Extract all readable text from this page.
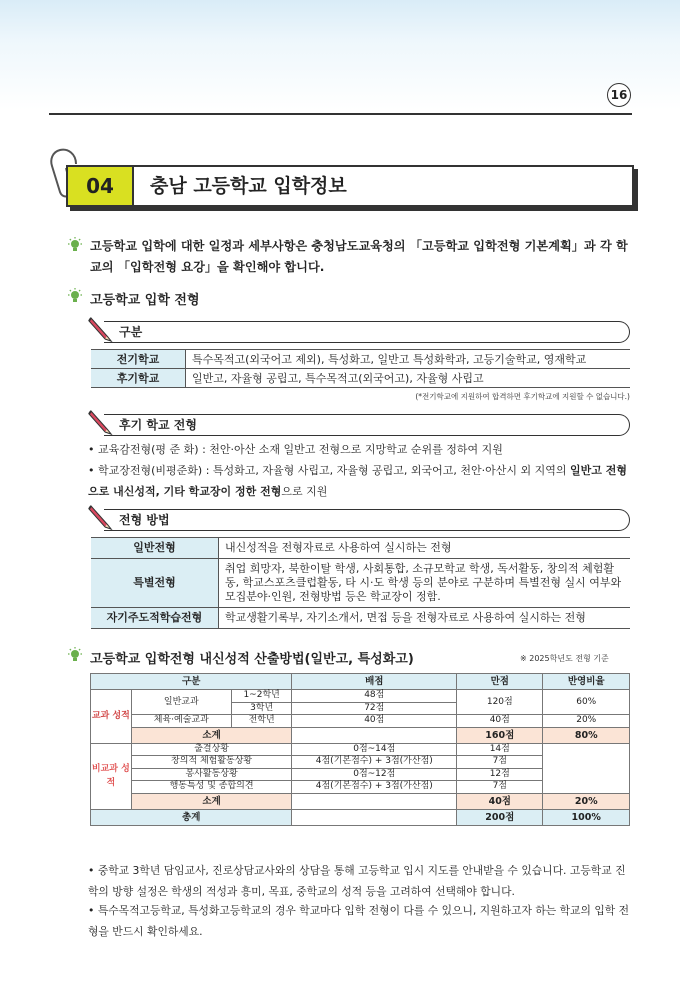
16
04	충남 고등학교 입학정보
고등학교 입학에 대한 일정과 세부사항은 충청남도교육청의 「고등학교 입학전형 기본계획」과 각 학교의 「입학전형 요강」을 확인해야 합니다.
고등학교 입학 전형
구분
전기학교	특수목적고(외국어고 제외), 특성화고, 일반고 특성화학과, 고등기술학교, 영재학교
후기학교	일반고, 자율형 공립고, 특수목적고(외국어고), 자율형 사립고
(*전기학교에 지원하여 합격하면 후기학교에 지원할 수 없습니다.)
후기 학교 전형
• 교육감전형(평 준 화) : 천안·아산 소재 일반고 전형으로 지망학교 순위를 정하여 지원
• 학교장전형(비평준화) : 특성화고, 자율형 사립고, 자율형 공립고, 외국어고, 천안·아산시 외 지역의 일반고 전형으로 내신성적, 기타 학교장이 정한 전형으로 지원
전형 방법
일반전형	내신성적을 전형자료로 사용하여 실시하는 전형
특별전형	취업 희망자, 북한이탈 학생, 사회통합, 소규모학교 학생, 독서활동, 창의적 체험활동, 학교스포츠클럽활동, 타 시·도 학생 등의 분야로 구분하며 특별전형 실시 여부와 모집분야·인원, 전형방법 등은 학교장이 정함.
자기주도적학습전형	학교생활기록부, 자기소개서, 면접 등을 전형자료로 사용하여 실시하는 전형
고등학교 입학전형 내신성적 산출방법(일반고, 특성화고)	※ 2025학년도 전형 기준
구분			배점	만점	반영비율
교과 성적	일반교과	1~2학년	48점	120점	60%
		3학년	72점		
	체육·예술교과	전학년	40점	40점	20%
	소계			160점	80%
비교과 성적	출결상황		0점~14점	14점	
	창의적 체험활동상황		4점(기본점수) + 3점(가산점)	7점	
	봉사활동상황		0점~12점	12점	
	행동특성 및 종합의견		4점(기본점수) + 3점(가산점)	7점	
	소계			40점	20%
총계				200점	100%
• 중학교 3학년 담임교사, 진로상담교사와의 상담을 통해 고등학교 입시 지도를 안내받을 수 있습니다. 고등학교 진학의 방향 설정은 학생의 적성과 흥미, 목표, 중학교의 성적 등을 고려하여 선택해야 합니다.
• 특수목적고등학교, 특성화고등학교의 경우 학교마다 입학 전형이 다를 수 있으니, 지원하고자 하는 학교의 입학 전형을 반드시 확인하세요.
